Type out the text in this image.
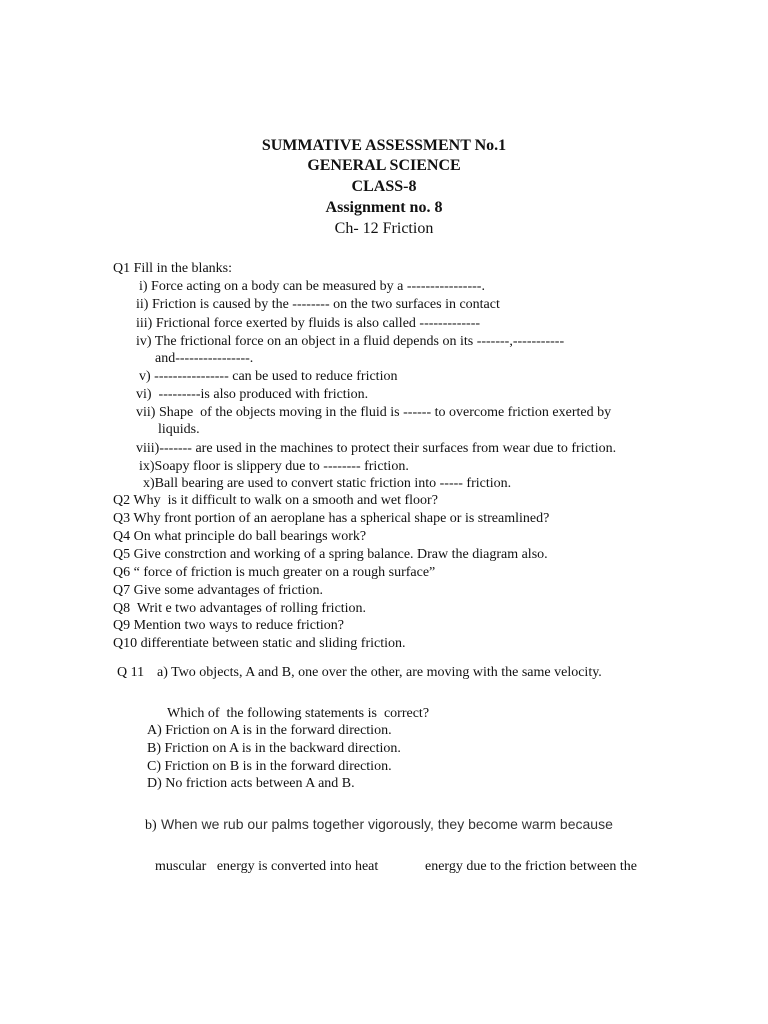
SUMMATIVE ASSESSMENT No.1
GENERAL SCIENCE
CLASS-8
Assignment no. 8
Ch- 12 Friction
Q1 Fill in the blanks:
i) Force acting on a body can be measured by a ----------------.
ii) Friction is caused by the -------- on the two surfaces in contact
iii) Frictional force exerted by fluids is also called -------------
iv) The frictional force on an object in a fluid depends on its -------,-----------
and----------------.
v) ---------------- can be used to reduce friction
vi)  ---------is also produced with friction.
vii) Shape  of the objects moving in the fluid is ------ to overcome friction exerted by
liquids.
viii)------- are used in the machines to protect their surfaces from wear due to friction.
ix)Soapy floor is slippery due to -------- friction.
x)Ball bearing are used to convert static friction into ----- friction.
Q2 Why  is it difficult to walk on a smooth and wet floor?
Q3 Why front portion of an aeroplane has a spherical shape or is streamlined?
Q4 On what principle do ball bearings work?
Q5 Give constrction and working of a spring balance. Draw the diagram also.
Q6 “ force of friction is much greater on a rough surface”
Q7 Give some advantages of friction.
Q8  Writ e two advantages of rolling friction.
Q9 Mention two ways to reduce friction?
Q10 differentiate between static and sliding friction.
Q 11 a) Two objects, A and B, one over the other, are moving with the same velocity.
Which of  the following statements is  correct?
A) Friction on A is in the forward direction.
B) Friction on A is in the backward direction.
C) Friction on B is in the forward direction.
D) No friction acts between A and B.
b) When we rub our palms together vigorously, they become warm because
muscular   energy is converted into heat	energy due to the friction between the
